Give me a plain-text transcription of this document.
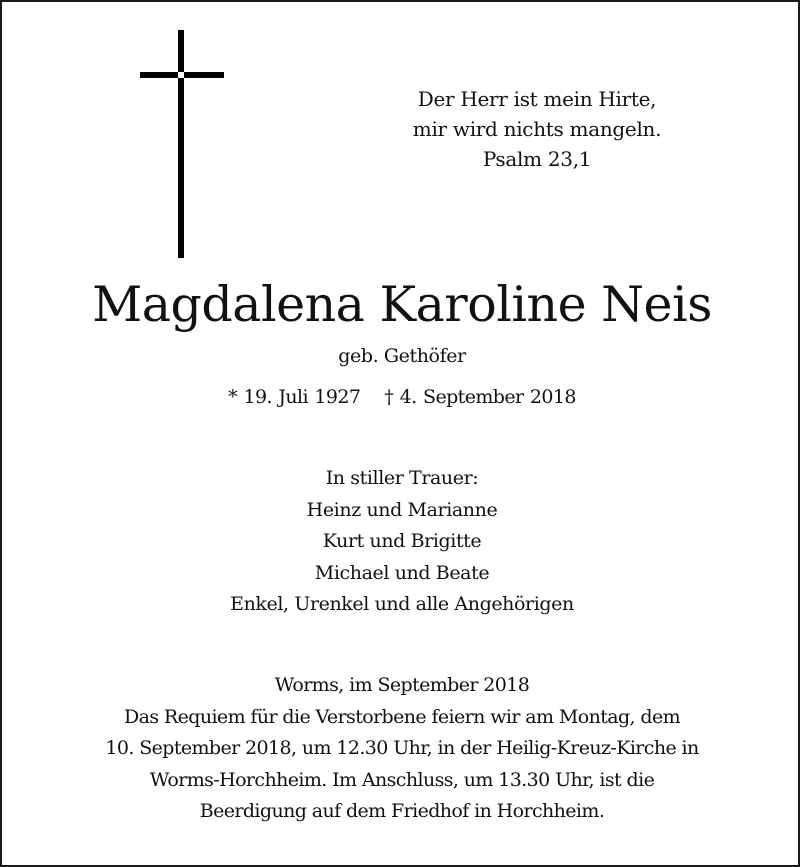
Der Herr ist mein Hirte,
mir wird nichts mangeln.
Psalm 23,1
Magdalena Karoline Neis
geb. Gethöfer
* 19. Juli 1927 † 4. September 2018
In stiller Trauer:
Heinz und Marianne
Kurt und Brigitte
Michael und Beate
Enkel, Urenkel und alle Angehörigen
Worms, im September 2018
Das Requiem für die Verstorbene feiern wir am Montag, dem
10. September 2018, um 12.30 Uhr, in der Heilig-Kreuz-Kirche in
Worms-Horchheim. Im Anschluss, um 13.30 Uhr, ist die
Beerdigung auf dem Friedhof in Horchheim.
